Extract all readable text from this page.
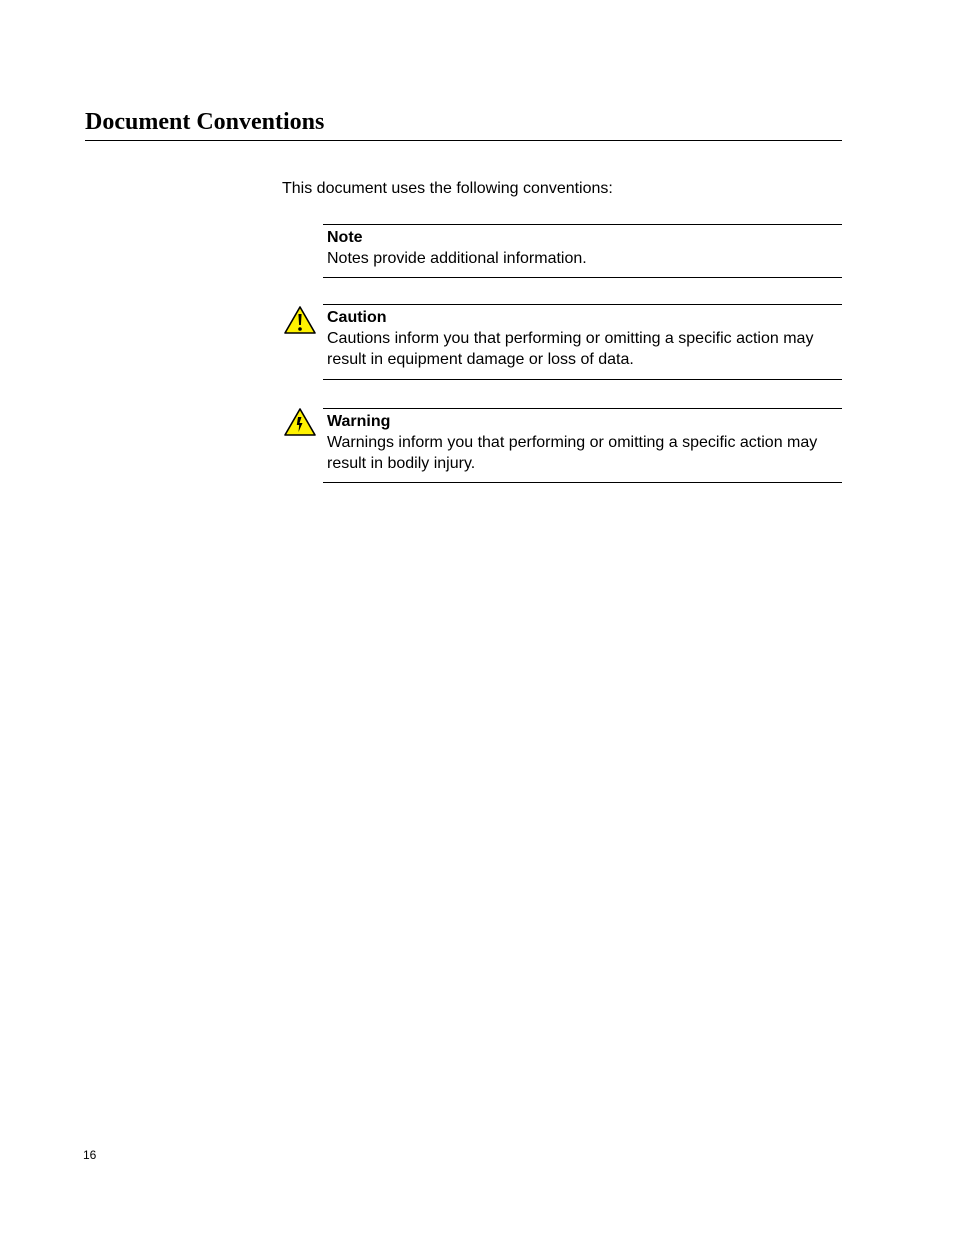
Document Conventions

This document uses the following conventions:

Note
Notes provide additional information.
Caution
Cautions inform you that performing or omitting a specific action may result in equipment damage or loss of data.
Warning
Warnings inform you that performing or omitting a specific action may result in bodily injury.

16
